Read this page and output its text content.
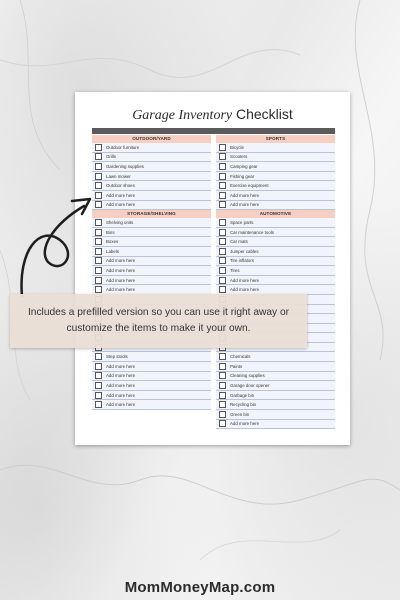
Garage Inventory Checklist
OUTDOOR/YARD
Outdoor furniture
Grills
Gardening supplies
Lawn mower
Outdoor shoes
Add more here
Add more here
STORAGE/SHELVING
Shelving units
Bins
Boxes
Labels
Add more here
Add more here
Add more here
Add more here
Step stools
Add more here
Add more here
Add more here
Add more here
Add more here
SPORTS
Bicycle
Scooters
Camping gear
Fishing gear
Exercise equipment
Add more here
Add more here
AUTOMOTIVE
Space parts
Car maintenance tools
Car mats
Jumper cables
Tire inflators
Tires
Add more here
Add more here
Chemicals
Paints
Cleaning supplies
Garage door opener
Garbage bin
Recycling bin
Green bin
Add more here
Includes a prefilled version so you can use it right away or customize the items to make it your own.
MomMoneyMap.com
